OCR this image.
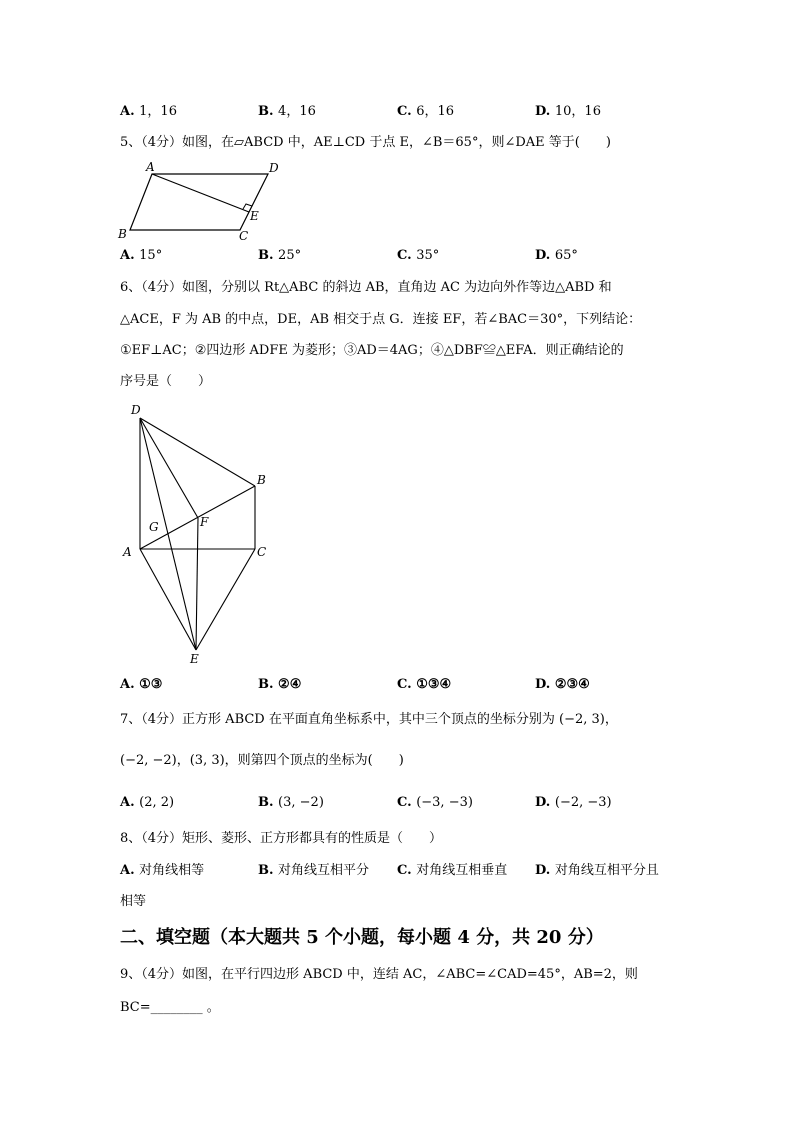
A. 1，16	B. 4，16	C. 6，16	D. 10，16
5、（4分）如图，在▱ABCD 中，AE⊥CD 于点 E，∠B＝65°，则∠DAE 等于(　　)
A	D
E
B	C
A. 15°	B. 25°	C. 35°	D. 65°
6、（4分）如图，分别以 Rt△ABC 的斜边 AB，直角边 AC 为边向外作等边△ABD 和
△ACE，F 为 AB 的中点，DE，AB 相交于点 G．连接 EF，若∠BAC＝30°，下列结论：
①EF⊥AC；②四边形 ADFE 为菱形；③AD＝4AG；④△DBF≌△EFA．则正确结论的
序号是（　　）
D
B
G	F
A	C
E
A. ①③	B. ②④	C. ①③④	D. ②③④
7、（4分）正方形 ABCD 在平面直角坐标系中，其中三个顶点的坐标分别为 (−2, 3)，
(−2, −2)，(3, 3)，则第四个顶点的坐标为(　　)
A. (2, 2)	B. (3, −2)	C. (−3, −3)	D. (−2, −3)
8、（4分）矩形、菱形、正方形都具有的性质是（　　）
A. 对角线相等	B. 对角线互相平分 C. 对角线互相垂直 D. 对角线互相平分且
相等
二、填空题（本大题共 5 个小题，每小题 4 分，共 20 分）
9、（4分）如图，在平行四边形 ABCD 中，连结 AC，∠ABC=∠CAD=45°，AB=2，则
BC=________ 。
